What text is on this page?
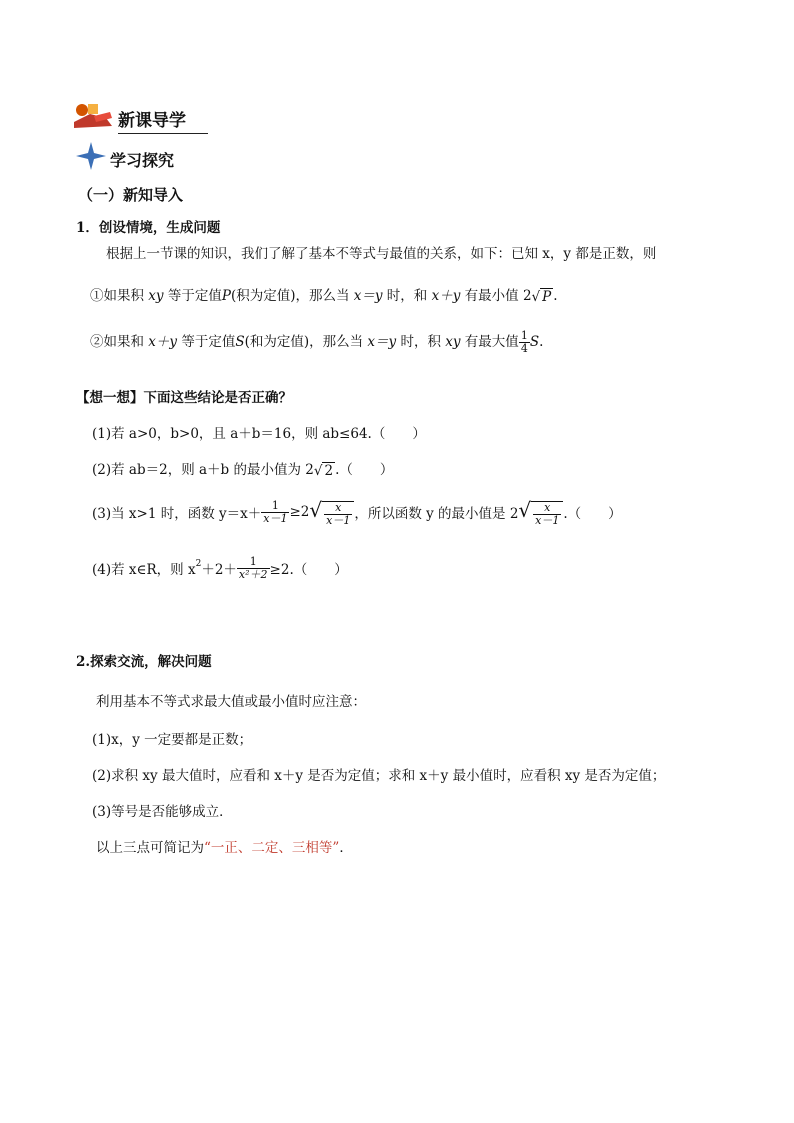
新课导学
学习探究
（一）新知导入
1．创设情境，生成问题
根据上一节课的知识，我们了解了基本不等式与最值的关系，如下：已知 x，y 都是正数，则
①如果积 xy 等于定值P(积为定值)，那么当 x＝y 时，和 x＋y 有最小值 2√ P .
②如果和 x＋y 等于定值S(和为定值)，那么当 x＝y 时，积 xy 有最大值 $\frac{1}{4} S$.
【想一想】下面这些结论是否正确？
(1)若 a>0，b>0，且 a＋b＝16，则 ab≤64.（　　）
(2)若 ab＝2，则 a＋b 的最小值为 2√ 2 .（　　）
(3)当 x>1 时，函数 $y=x+ \frac{1}{x-1} \ge 2√ \frac{x}{x-1}$ ，所以函数 y 的最小值是 $2√ \frac{x}{x-1}$ .（　　）
(4)若 x∈R，则 $x^2+2+ \frac{1}{\text{x²＋2}} \ge 2$.（　　）
2.探索交流，解决问题
利用基本不等式求最大值或最小值时应注意：
(1)x，y 一定要都是正数；
(2)求积 xy 最大值时，应看和 x＋y 是否为定值；求和 x＋y 最小值时，应看积 xy 是否为定值；
(3)等号是否能够成立．
以上三点可简记为“一正、二定、三相等”．
